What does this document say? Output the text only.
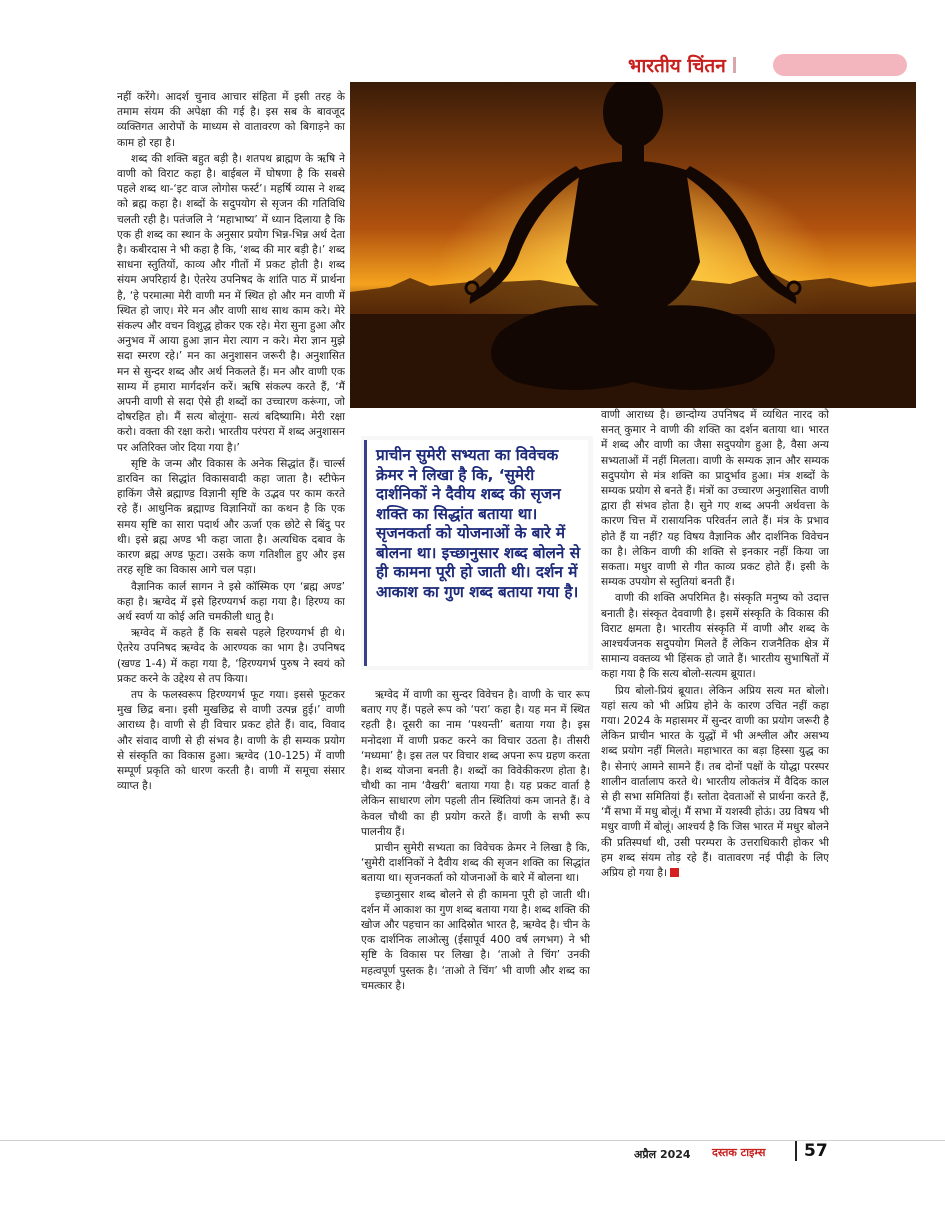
भारतीय चिंतन

नहीं करेंगे। आदर्श चुनाव आचार संहिता में इसी तरह के तमाम संयम की अपेक्षा की गई है। इस सब के बावजूद व्यक्तिगत आरोपों के माध्यम से वातावरण को बिगाड़ने का काम हो रहा है।

शब्द की शक्ति बहुत बड़ी है। शतपथ ब्राह्मण के ऋषि ने वाणी को विराट कहा है। बाईबल में घोषणा है कि सबसे पहले शब्द था-‘इट वाज लोगोस फर्स्ट’। महर्षि व्यास ने शब्द को ब्रह्म कहा है। शब्दों के सदुपयोग से सृजन की गतिविधि चलती रही है। पतंजलि ने ‘महाभाष्य’ में ध्यान दिलाया है कि एक ही शब्द का स्थान के अनुसार प्रयोग भिन्न-भिन्न अर्थ देता है। कबीरदास ने भी कहा है कि, ‘शब्द की मार बड़ी है।’ शब्द साधना स्तुतियों, काव्य और गीतों में प्रकट होती है। शब्द संयम अपरिहार्य है। ऐतरेय उपनिषद के शांति पाठ में प्रार्थना है, ‘हे परमात्मा मेरी वाणी मन में स्थित हो और मन वाणी में स्थित हो जाए। मेरे मन और वाणी साथ साथ काम करे। मेरे संकल्प और वचन विशुद्ध होकर एक रहे। मेरा सुना हुआ और अनुभव में आया हुआ ज्ञान मेरा त्याग न करे। मेरा ज्ञान मुझे सदा स्मरण रहे।’ मन का अनुशासन जरूरी है। अनुशासित मन से सुन्दर शब्द और अर्थ निकलते हैं। मन और वाणी एक साम्य में हमारा मार्गदर्शन करें। ऋषि संकल्प करते हैं, ‘मैं अपनी वाणी से सदा ऐसे ही शब्दों का उच्चारण करूंगा, जो दोषरहित हो। मैं सत्य बोलूंगा- सत्यं बदिष्यामि। मेरी रक्षा करो। वक्ता की रक्षा करो। भारतीय परंपरा में शब्द अनुशासन पर अतिरिक्त जोर दिया गया है।’

सृष्टि के जन्म और विकास के अनेक सिद्धांत हैं। चार्ल्स डारविन का सिद्धांत विकासवादी कहा जाता है। स्टीफेन हाकिंग जैसे ब्रह्माण्ड विज्ञानी सृष्टि के उद्भव पर काम करते रहे हैं। आधुनिक ब्रह्माण्ड विज्ञानियों का कथन है कि एक समय सृष्टि का सारा पदार्थ और ऊर्जा एक छोटे से बिंदु पर थी। इसे ब्रह्म अण्ड भी कहा जाता है। अत्यधिक दबाव के कारण ब्रह्म अण्ड फूटा। उसके कण गतिशील हुए और इस तरह सृष्टि का विकास आगे चल पड़ा।

वैज्ञानिक कार्ल सागन ने इसे कॉस्मिक एग ‘ब्रह्म अण्ड’ कहा है। ऋग्वेद में इसे हिरण्यगर्भ कहा गया है। हिरण्य का अर्थ स्वर्ण या कोई अति चमकीली धातु है।

ऋग्वेद में कहते हैं कि सबसे पहले हिरण्यगर्भ ही थे। ऐतरेय उपनिषद ऋग्वेद के आरण्यक का भाग है। उपनिषद (खण्ड 1-4) में कहा गया है, ‘हिरण्यगर्भ पुरुष ने स्वयं को प्रकट करने के उद्देश्य से तप किया।

तप के फलस्वरूप हिरण्यगर्भ फूट गया। इससे फूटकर मुख छिद्र बना। इसी मुखछिद्र से वाणी उत्पन्न हुई।’ वाणी आराध्य है। वाणी से ही विचार प्रकट होते हैं। वाद, विवाद और संवाद वाणी से ही संभव है। वाणी के ही सम्यक प्रयोग से संस्कृति का विकास हुआ। ऋग्वेद (10-125) में वाणी सम्पूर्ण प्रकृति को धारण करती है। वाणी में समूचा संसार व्याप्त है।

प्राचीन सुमेरी सभ्यता का विवेचक क्रेमर ने लिखा है कि, ‘सुमेरी दार्शनिकों ने दैवीय शब्द की सृजन शक्ति का सिद्धांत बताया था। सृजनकर्ता को योजनाओं के बारे में बोलना था। इच्छानुसार शब्द बोलने से ही कामना पूरी हो जाती थी। दर्शन में आकाश का गुण शब्द बताया गया है।

ऋग्वेद में वाणी का सुन्दर विवेचन है। वाणी के चार रूप बताए गए हैं। पहले रूप को ‘परा’ कहा है। यह मन में स्थित रहती है। दूसरी का नाम ‘पश्यन्ती’ बताया गया है। इस मनोदशा में वाणी प्रकट करने का विचार उठता है। तीसरी ‘मध्यमा’ है। इस तल पर विचार शब्द अपना रूप ग्रहण करता है। शब्द योजना बनती है। शब्दों का विवेकीकरण होता है। चौथी का नाम ‘वैखरी’ बताया गया है। यह प्रकट वार्ता है लेकिन साधारण लोग पहली तीन स्थितियां कम जानते हैं। वे केवल चौथी का ही प्रयोग करते हैं। वाणी के सभी रूप पालनीय हैं।

प्राचीन सुमेरी सभ्यता का विवेचक क्रेमर ने लिखा है कि, ‘सुमेरी दार्शनिकों ने दैवीय शब्द की सृजन शक्ति का सिद्धांत बताया था। सृजनकर्ता को योजनाओं के बारे में बोलना था।

इच्छानुसार शब्द बोलने से ही कामना पूरी हो जाती थी। दर्शन में आकाश का गुण शब्द बताया गया है। शब्द शक्ति की खोज और पहचान का आदिस्रोत भारत है, ऋग्वेद है। चीन के एक दार्शनिक लाओत्सु (ईसापूर्व 400 वर्ष लगभग) ने भी सृष्टि के विकास पर लिखा है। ‘ताओ ते चिंग’ उनकी महत्वपूर्ण पुस्तक है। ‘ताओ ते चिंग’ भी वाणी और शब्द का चमत्कार है।

वाणी आराध्य है। छान्दोग्य उपनिषद में व्यथित नारद को सनत् कुमार ने वाणी की शक्ति का दर्शन बताया था। भारत में शब्द और वाणी का जैसा सदुपयोग हुआ है, वैसा अन्य सभ्यताओं में नहीं मिलता। वाणी के सम्यक ज्ञान और सम्यक सदुपयोग से मंत्र शक्ति का प्रादुर्भाव हुआ। मंत्र शब्दों के सम्यक प्रयोग से बनते हैं। मंत्रों का उच्चारण अनुशासित वाणी द्वारा ही संभव होता है। सुने गए शब्द अपनी अर्थवत्ता के कारण चित्त में रासायनिक परिवर्तन लाते हैं। मंत्र के प्रभाव होते हैं या नहीं? यह विषय वैज्ञानिक और दार्शनिक विवेचन का है। लेकिन वाणी की शक्ति से इनकार नहीं किया जा सकता। मधुर वाणी से गीत काव्य प्रकट होते हैं। इसी के सम्यक उपयोग से स्तुतियां बनती हैं।

वाणी की शक्ति अपरिमित है। संस्कृति मनुष्य को उदात्त बनाती है। संस्कृत देववाणी है। इसमें संस्कृति के विकास की विराट क्षमता है। भारतीय संस्कृति में वाणी और शब्द के आश्चर्यजनक सदुपयोग मिलते हैं लेकिन राजनैतिक क्षेत्र में सामान्य वक्तव्य भी हिंसक हो जाते हैं। भारतीय सुभाषितों में कहा गया है कि सत्य बोलो-सत्यम ब्रूयात।

प्रिय बोलो-प्रियं ब्रूयात। लेकिन अप्रिय सत्य मत बोलो। यहां सत्य को भी अप्रिय होने के कारण उचित नहीं कहा गया। 2024 के महासमर में सुन्दर वाणी का प्रयोग जरूरी है लेकिन प्राचीन भारत के युद्धों में भी अश्लील और असभ्य शब्द प्रयोग नहीं मिलते। महाभारत का बड़ा हिस्सा युद्ध का है। सेनाएं आमने सामने हैं। तब दोनों पक्षों के योद्धा परस्पर शालीन वार्तालाप करते थे। भारतीय लोकतंत्र में वैदिक काल से ही सभा समितियां हैं। स्तोता देवताओं से प्रार्थना करते हैं, ‘मैं सभा में मधु बोलूं। मैं सभा में यशस्वी होऊं। उग्र विषय भी मधुर वाणी में बोलूं। आश्चर्य है कि जिस भारत में मधुर बोलने की प्रतिस्पर्धा थी, उसी परम्परा के उत्तराधिकारी होकर भी हम शब्द संयम तोड़ रहे हैं। वातावरण नई पीढ़ी के लिए अप्रिय हो गया है।

अप्रैल 2024 दस्तक टाइम्स 57
